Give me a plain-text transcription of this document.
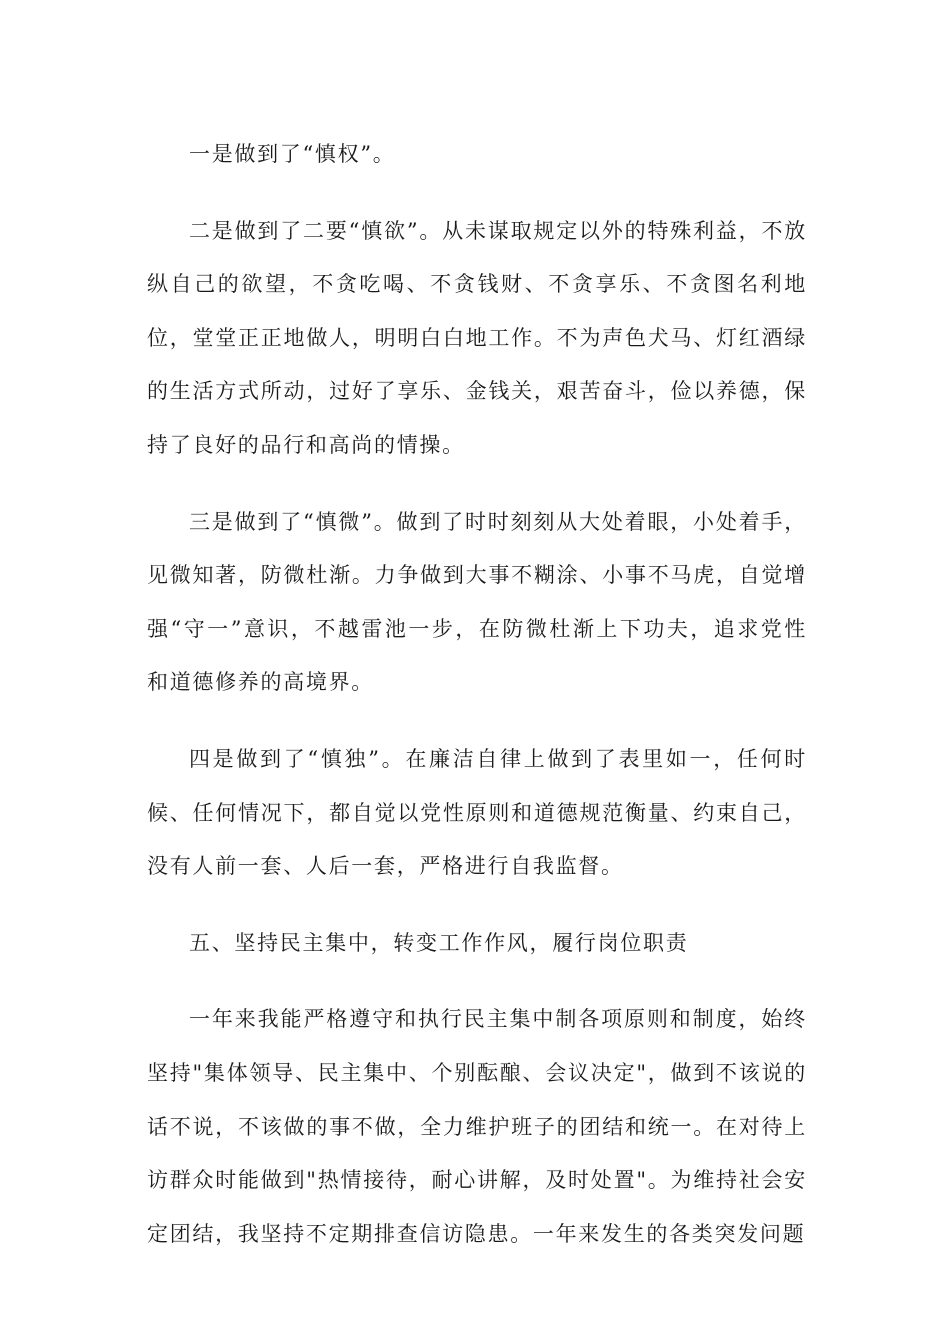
一是做到了“慎权”。

二是做到了二要“慎欲”。从未谋取规定以外的特殊利益，不放纵自己的欲望，不贪吃喝、不贪钱财、不贪享乐、不贪图名利地位，堂堂正正地做人，明明白白地工作。不为声色犬马、灯红酒绿的生活方式所动，过好了享乐、金钱关，艰苦奋斗，俭以养德，保持了良好的品行和高尚的情操。

三是做到了“慎微”。做到了时时刻刻从大处着眼，小处着手，见微知著，防微杜渐。力争做到大事不糊涂、小事不马虎，自觉增强“守一”意识，不越雷池一步，在防微杜渐上下功夫，追求党性和道德修养的高境界。

四是做到了“慎独”。在廉洁自律上做到了表里如一，任何时候、任何情况下，都自觉以党性原则和道德规范衡量、约束自己，没有人前一套、人后一套，严格进行自我监督。

五、坚持民主集中，转变工作作风，履行岗位职责

一年来我能严格遵守和执行民主集中制各项原则和制度，始终坚持"集体领导、民主集中、个别酝酿、会议决定"，做到不该说的话不说，不该做的事不做，全力维护班子的团结和统一。在对待上访群众时能做到"热情接待，耐心讲解，及时处置"。为维持社会安定团结，我坚持不定期排查信访隐患。一年来发生的各类突发问题
